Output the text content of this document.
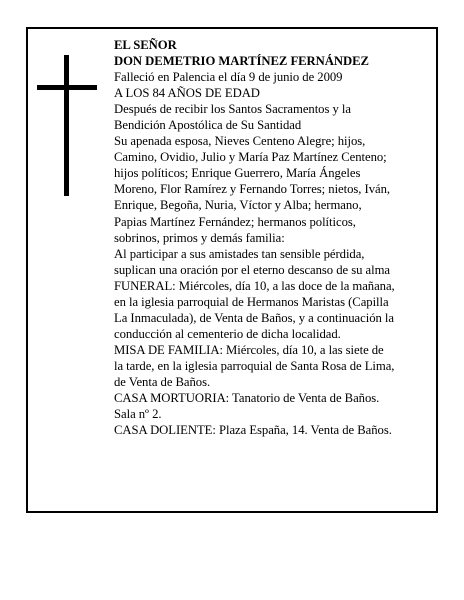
EL SEÑOR

DON DEMETRIO MARTÍNEZ FERNÁNDEZ

Falleció en Palencia el día 9 de junio de 2009

A LOS 84 AÑOS DE EDAD

Después de recibir los Santos Sacramentos y la

Bendición Apostólica de Su Santidad

Su apenada esposa, Nieves Centeno Alegre; hijos,

Camino, Ovidio, Julio y María Paz Martínez Centeno;

hijos políticos; Enrique Guerrero, María Ángeles

Moreno, Flor Ramírez y Fernando Torres; nietos, Iván,

Enrique, Begoña, Nuria, Víctor y Alba; hermano,

Papias Martínez Fernández; hermanos políticos,

sobrinos, primos y demás familia:

Al participar a sus amistades tan sensible pérdida,

suplican una oración por el eterno descanso de su alma

FUNERAL: Miércoles, día 10, a las doce de la mañana,

en la iglesia parroquial de Hermanos Maristas (Capilla

La Inmaculada), de Venta de Baños, y a continuación la

conducción al cementerio de dicha localidad.

MISA DE FAMILIA: Miércoles, día 10, a las siete de

la tarde, en la iglesia parroquial de Santa Rosa de Lima,

de Venta de Baños.

CASA MORTUORIA: Tanatorio de Venta de Baños.

Sala nº 2.

CASA DOLIENTE: Plaza España, 14. Venta de Baños.
